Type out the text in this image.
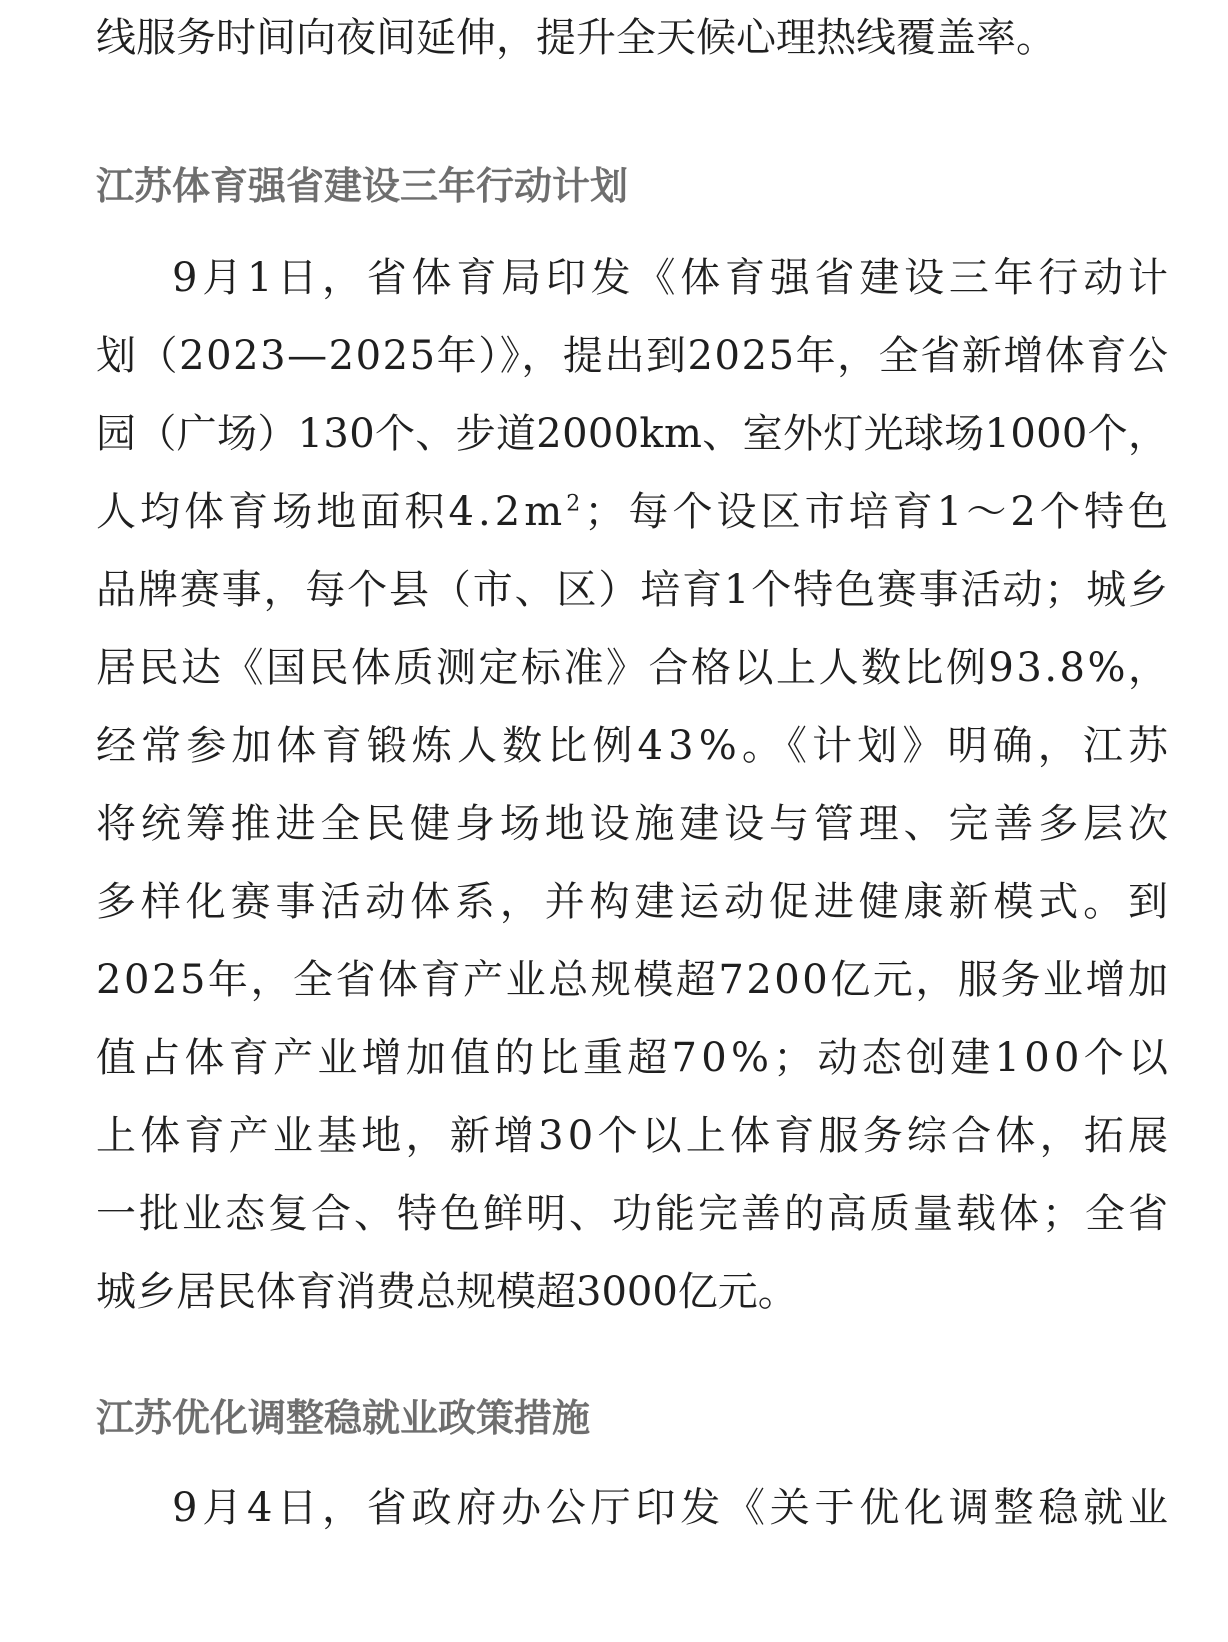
线服务时间向夜间延伸，提升全天候心理热线覆盖率。
江苏体育强省建设三年行动计划
9月1日，省体育局印发《体育强省建设三年行动计
划（2023—2025年）》，提出到2025年，全省新增体育公
园（广场）130个、步道2000km、室外灯光球场1000个，
人均体育场地面积$4.2m^2$；每个设区市培育1～2个特色
品牌赛事，每个县（市、区）培育1个特色赛事活动；城乡
居民达《国民体质测定标准》合格以上人数比例93.8%，
经常参加体育锻炼人数比例43%。《计划》明确，江苏
将统筹推进全民健身场地设施建设与管理、完善多层次
多样化赛事活动体系，并构建运动促进健康新模式。到
2025年，全省体育产业总规模超7200亿元，服务业增加
值占体育产业增加值的比重超70%；动态创建100个以
上体育产业基地，新增30个以上体育服务综合体，拓展
一批业态复合、特色鲜明、功能完善的高质量载体；全省
城乡居民体育消费总规模超3000亿元。
江苏优化调整稳就业政策措施
9月4日，省政府办公厅印发《关于优化调整稳就业
